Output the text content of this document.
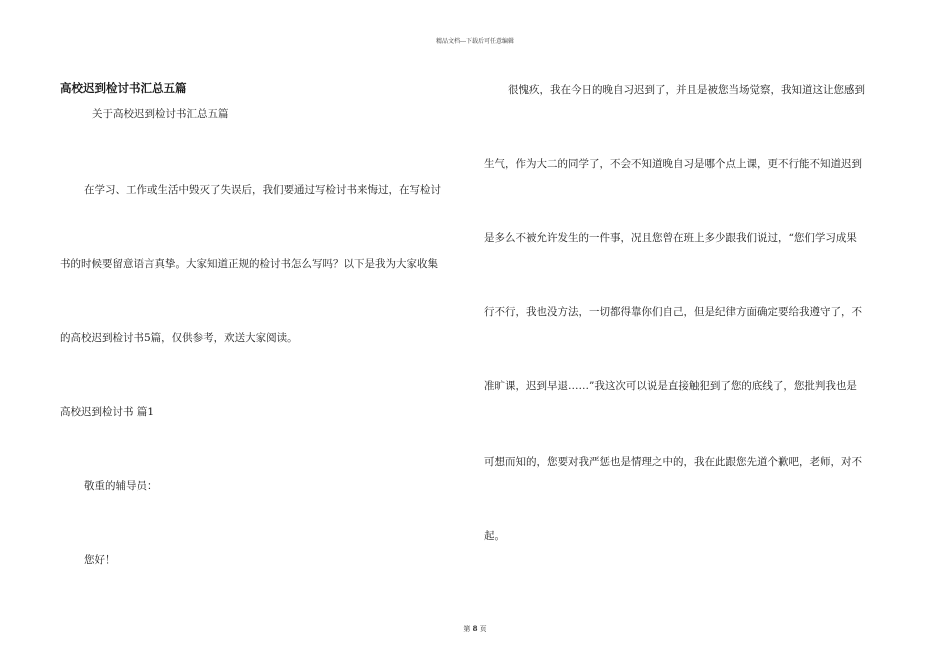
精品文档---下载后可任意编辑
高校迟到检讨书汇总五篇
关于高校迟到检讨书汇总五篇
在学习、工作或生活中毁灭了失误后，我们要通过写检讨书来悔过，在写检讨
书的时候要留意语言真挚。大家知道正规的检讨书怎么写吗？以下是我为大家收集
的高校迟到检讨书5篇，仅供参考，欢送大家阅读。
高校迟到检讨书 篇1
敬重的辅导员：
您好！
很愧疚，我在今日的晚自习迟到了，并且是被您当场觉察，我知道这让您感到
生气，作为大二的同学了，不会不知道晚自习是哪个点上课，更不行能不知道迟到
是多么不被允许发生的一件事，况且您曾在班上多少跟我们说过，“您们学习成果
行不行，我也没方法，一切都得靠你们自己，但是纪律方面确定要给我遵守了，不
准旷课，迟到早退……”我这次可以说是直接触犯到了您的底线了，您批判我也是
可想而知的，您要对我严惩也是情理之中的，我在此跟您先道个歉吧，老师，对不
起。
第 8 页
